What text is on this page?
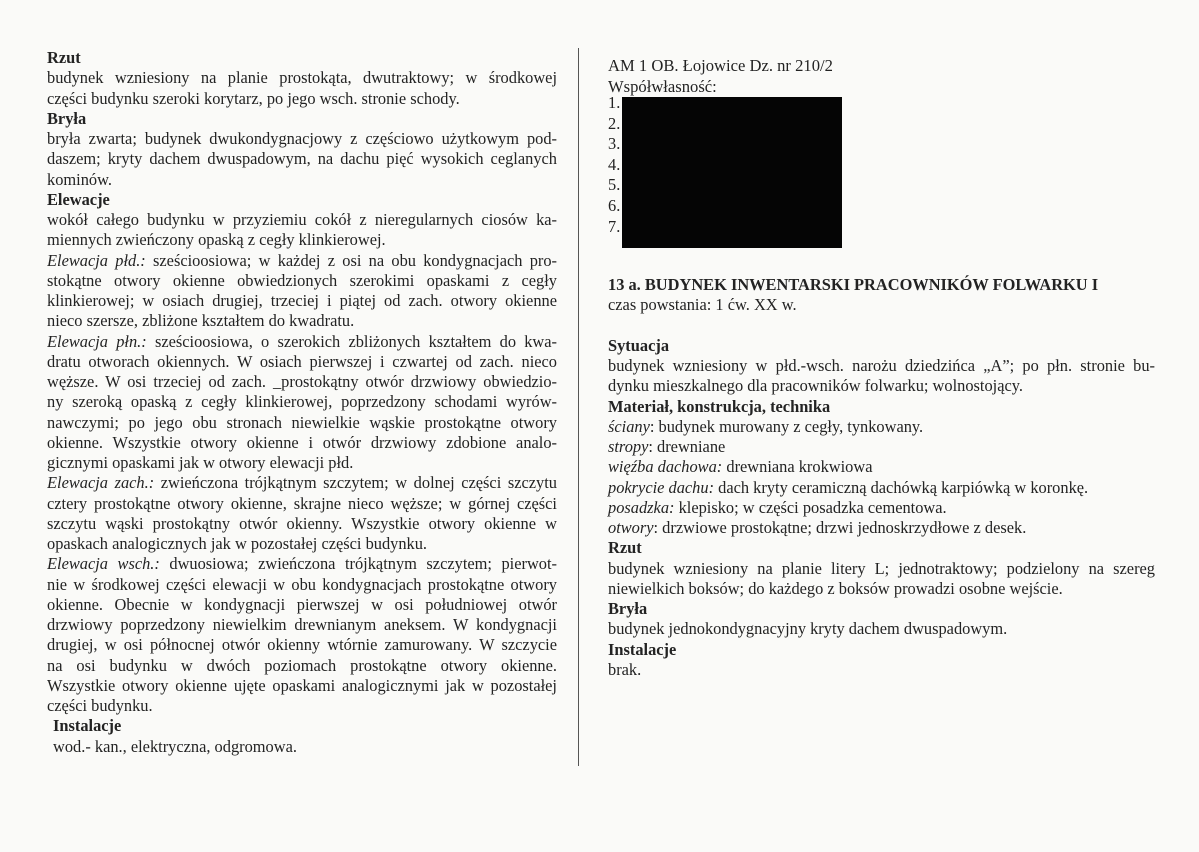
Rzut
budynek wzniesiony na planie prostokąta, dwutraktowy; w środkowej
części budynku szeroki korytarz, po jego wsch. stronie schody.
Bryła
bryła zwarta; budynek dwukondygnacjowy z częściowo użytkowym pod-
daszem; kryty dachem dwuspadowym, na dachu pięć wysokich ceglanych
kominów.
Elewacje
wokół całego budynku w przyziemiu cokół z nieregularnych ciosów ka-
miennych zwieńczony opaską z cegły klinkierowej.
Elewacja płd.: sześcioosiowa; w każdej z osi na obu kondygnacjach pro-
stokątne otwory okienne obwiedzionych szerokimi opaskami z cegły
klinkierowej; w osiach drugiej, trzeciej i piątej od zach. otwory okienne
nieco szersze, zbliżone kształtem do kwadratu.
Elewacja płn.: sześcioosiowa, o szerokich zbliżonych kształtem do kwa-
dratu otworach okiennych. W osiach pierwszej i czwartej od zach. nieco
węższe. W osi trzeciej od zach. _prostokątny otwór drzwiowy obwiedzio-
ny szeroką opaską z cegły klinkierowej, poprzedzony schodami wyrów-
nawczymi; po jego obu stronach niewielkie wąskie prostokątne otwory
okienne. Wszystkie otwory okienne i otwór drzwiowy zdobione analo-
gicznymi opaskami jak w otwory elewacji płd.
Elewacja zach.: zwieńczona trójkątnym szczytem; w dolnej części szczytu
cztery prostokątne otwory okienne, skrajne nieco węższe; w górnej części
szczytu wąski prostokątny otwór okienny. Wszystkie otwory okienne w
opaskach analogicznych jak w pozostałej części budynku.
Elewacja wsch.: dwuosiowa; zwieńczona trójkątnym szczytem; pierwot-
nie w środkowej części elewacji w obu kondygnacjach prostokątne otwory
okienne. Obecnie w kondygnacji pierwszej w osi południowej otwór
drzwiowy poprzedzony niewielkim drewnianym aneksem. W kondygnacji
drugiej, w osi północnej otwór okienny wtórnie zamurowany. W szczycie
na osi budynku w dwóch poziomach prostokątne otwory okienne.
Wszystkie otwory okienne ujęte opaskami analogicznymi jak w pozostałej
części budynku.
Instalacje
wod.- kan., elektryczna, odgromowa.
AM 1 OB. Łojowice Dz. nr 210/2
Współwłasność:
1.
2.
3.
4.
5.
6.
7.
13 a. BUDYNEK INWENTARSKI PRACOWNIKÓW FOLWARKU I
czas powstania: 1 ćw. XX w.
Sytuacja
budynek wzniesiony w płd.-wsch. narożu dziedzińca „A”; po płn. stronie bu-
dynku mieszkalnego dla pracowników folwarku; wolnostojący.
Materiał, konstrukcja, technika
ściany: budynek murowany z cegły, tynkowany.
stropy: drewniane
więźba dachowa: drewniana krokwiowa
pokrycie dachu: dach kryty ceramiczną dachówką karpiówką w koronkę.
posadzka: klepisko; w części posadzka cementowa.
otwory: drzwiowe prostokątne; drzwi jednoskrzydłowe z desek.
Rzut
budynek wzniesiony na planie litery L; jednotraktowy; podzielony na szereg
niewielkich boksów; do każdego z boksów prowadzi osobne wejście.
Bryła
budynek jednokondygnacyjny kryty dachem dwuspadowym.
Instalacje
brak.
